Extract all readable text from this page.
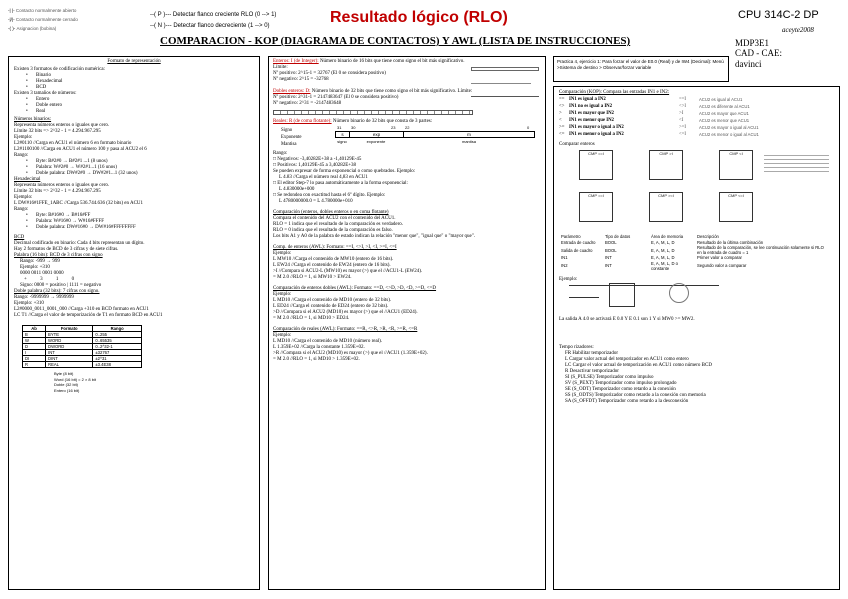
-| |- Contacto normalmente abierto
-|/|- Contacto normalmente cerrado
-( )- Asignacion (bobina)
--( P )--- Detectar flanco creciente RLO (0 --> 1)
--( N )--- Detectar flanco decreciente (1 --> 0)	Resultado lógico (RLO)	CPU 314C-2 DP
aceyte2008
COMPARACION - KOP (DIAGRAMA DE CONTACTOS) Y AWL (LISTA DE INSTRUCCIONES)	MDP3E1
CAD - CAE:
davinci
Formato de representación
Existen 3 formatos de codificación numérica:
• Binario
• Hexadecimal
• BCD
Existen 3 tamaños de números:
• Entero
• Doble entero
• Real
Números binarios:
Representa números enteros o iguales que cero.
Límite 32 bits => 2^32 - 1 = 4.294.967.295
Ejemplo:
L2#0110 //Carga en ACU1 el número 6 en formato binario
L2#1100100 //Carga en ACU1 el número 100 y pasa al ACU2 el 6
Rango:
• Byte: B#2#0 → B#2#1 ...1 (8 unos)
• Palabra: W#2#0 → W#2#1...1 (16 unos)
• Doble palabra: DW#2#0 → DW#2#1...1 (32 unos)
Hexadecimal
Representa números enteros o iguales que cero.
Límite 32 bits => 2^32 - 1 = 4.294.967.295
Ejemplo:
L DW#16#1FFE_1ABC //Carga 536.744.636 (32 bits) en ACU1
Rango:
• Byte: B#16#0 → B#16#FF
• Palabra: W#16#0 → W#16#FFFF
• Doble palabra: DW#16#0 → DW#16#FFFFFFFF
BCD
Decimal codificado en binario: Cada 4 bits representan un dígito.
Hay 2 formatos de BCD de 3 cifras y de siete cifras.
Palabra (16 bits): BCD de 3 cifras con signo
Rango: -999 → 999
Ejemplo: +310
0000 0011 0001 0000
+ 3 1 0
Signo: 0000 = positivo | 1111 = negativo
Doble palabra (32 bits): 7 cifras con signo.
Rango: -9999999 → 9999999
Ejemplo: +310
L2#0000_0011_0001_000 //Carga +310 en BCD formato en ACU1
LC T1 //Carga el valor de temporización de T1 en formato BCD en ACU1
Ab	Formato	Rango
B	BYTE	0..255
W	WORD	0..65535
D	DWORD	0..2^32-1
I	INT	±32767
DI	DINT	±2^31
R	REAL	±3.4E38
Byte (8 bit)
Word (16 bit) = 2 × 8 bit
Doble (32 bit)
Entero (16 bit)
Enteros: I (de Integer): Número binario de 16 bits que tiene como signo el bit más significativo.
Límite:
Nº positivo: 2^15-1 = 32767 (El 0 se considera positivo)
Nº negativo: 2^15 = -32768
Dobles enteros: D: Número binario de 32 bits que tiene como signo el bit más significativo. Límite:
Nº positivo: 2^31-1 = 2147483647 (El 0 se considera positivo)
Nº negativo: 2^31 = -2147483648
Reales: R (de coma flotante): Número binario de 32 bits que consta de 3 partes:
Signo
Exponente
Mantisa
31 30	23 22	0
s	exp	m
signo	exponente	mantisa
Rango:
□ Negativos: -3,40282E+38 a -1,40129E-45
□ Positivos: 1,40129E-45 a 3,40282E+38
Se pueden expresar de forma exponencial o como quebrados. Ejemplo:
L 4.83 //Carga el número real 4,83 en ACU1
□ El editor Step-7 lo pasa automáticamente a la forma exponencial:
L 4.830000e+000
□ Se redondea con exactitud hasta el 6º dígito. Ejemplo:
L 4780000000.0 = L 4.780000e+010
Comparación (enteros, dobles enteros o en coma flotante)
Compara el contenido del ACU2 con el contenido del ACU1.
RLO = 1 indica que el resultado de la comparación es verdadero.
RLO = 0 indica que el resultado de la comparación es falso.
Los bits A1 y A0 de la palabra de estado indican la relación "menor que", "igual que" o "mayor que".
Comp. de enteros (AWL): Formato: ==I, <>I, >I, <I, >=I, <=I
Ejemplo:
L MW10 //Carga el contenido de MW10 (entero de 16 bits).
L EW24 //Carga el contenido de EW24 (entero de 16 bits).
>I //Compara si ACU2-L (MW10) es mayor (>) que el //ACU1-L (EW24).
= M 2.0 //RLO = 1, si MW10 > EW24.
Comparación de enteros dobles (AWL): Formato: ==D, <>D, >D, <D, >=D, <=D
Ejemplo:
L MD10 //Carga el contenido de MD10 (entero de 32 bits).
L ED24 //Carga el contenido de ED24 (entero de 32 bits).
>D //Compara si el ACU2 (MD10) es mayor (>) que el //ACU1 (ED24).
= M 2.0 //RLO = 1, si MD10 > ED24.
Comparación de reales (AWL): Formato: ==R, <>R, >R, <R, >=R, <=R
Ejemplo:
L MD10 //Carga el contenido de MD10 (número real).
L 1.359E+02 //Carga la constante 1.359E+02.
>R //Compara si el ACU2 (MD10) es mayor (>) que el //ACU1 (1.359E+02).
= M 2.0 //RLO = 1, si MD10 > 1.359E+02.
Practica 4, ejercicio 1: Para forzar el valor de E0.0 (Real) y de IW4 (Decimal): Menú >Sistema de destino > Observar/forzar variable
Comparación (KOP): Compara las entradas IN1 e IN2:
== IN1 es igual a IN2	==I	ACU2 es igual al ACU1
<> IN1 no es igual a IN2	<>I	ACU2 es diferente al ACU1
>	IN1 es mayor que IN2	>I	ACU2 es mayor que ACU1
<	IN1 es menor que IN2	<I	ACU2 es menor que ACU1
>= IN1 es mayor o igual a IN2	>=I	ACU2 es mayor o igual al ACU1
<= IN1 es menor o igual a IN2	<=I	ACU2 es menor o igual al ACU1
Comparar enteros
CMP ==I	CMP >I	CMP <I
CMP ==I	CMP >=I	CMP <=I
Parámetro	Tipo de datos	Área de memoria	Descripción
Entrada de cuadro	BOOL	E, A, M, L, D	Resultado de la última combinación
Salida de cuadro	BOOL	E, A, M, L, D	Resultado de la comparación, se lee continuación solamente si RLO en la entrada de cuadro = 1
IN1	INT	E, A, M, L, D	Primer valor a comparar
IN2	INT	E, A, M, L, D o constante	Segundo valor a comparar
Ejemplo:
La salida A 4.0 se activará E 0.0 Y E 0.1 son 1 Y si MW0 >= MW2.
Tempo rizadores:
FR Habilitar temporizador
L Cargar valor actual del temporizador en ACU1 como entero
LC Cargar el valor actual de temporización en ACU1 como número BCD
R Desactivar temporizador
SI (S_PULSE) Temporizador como impulso
SV (S_PEXT) Temporizador como impulso prolongado
SE (S_ODT) Temporizador como retardo a la conexión
SS (S_ODTS) Temporizador como retardo a la conexión con memoria
SA (S_OFFDT) Temporizador como retardo a la desconexión
